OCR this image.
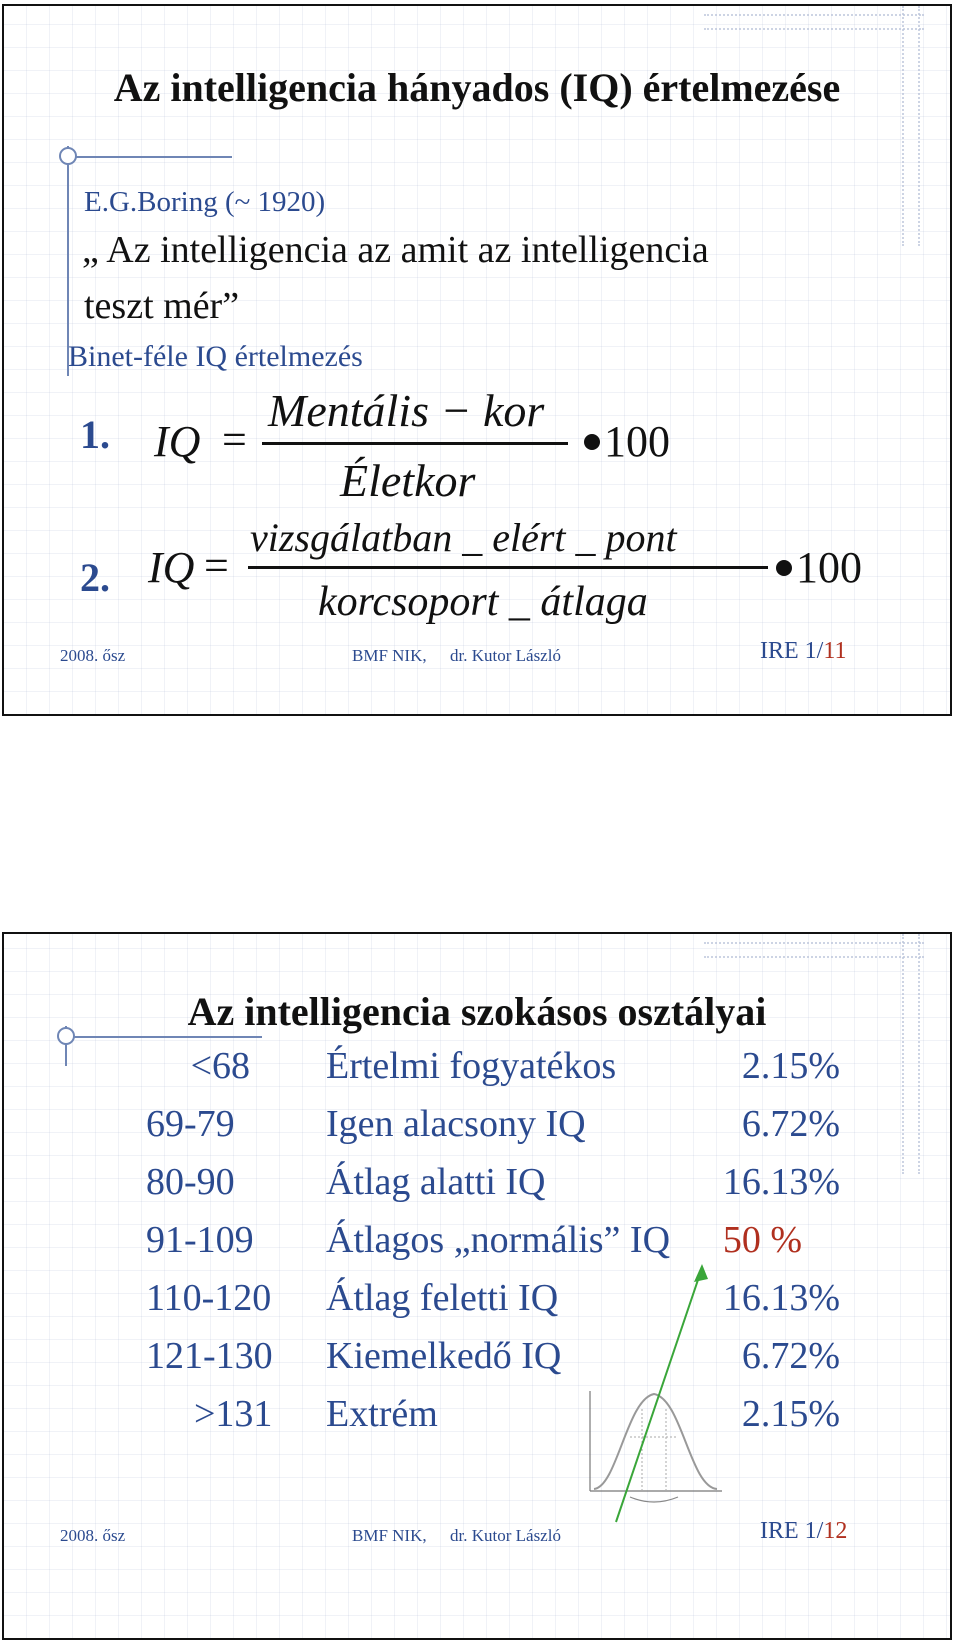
Az intelligencia hányados (IQ) értelmezése
E.G.Boring (~ 1920)
„ Az intelligencia az amit az intelligencia
teszt mér”
Binet-féle IQ értelmezés
1. IQ =
Mentális − kor
Életkor
100
2. IQ =
vizsgálatban _ elért _ pont
korcsoport _ átlaga
100
2008. ősz	BMF NIK, dr. Kutor László	IRE 1/11
Az intelligencia szokásos osztályai
<68 Értelmi fogyatékos	2.15%
69-79 Igen alacsony IQ	6.72%
80-90 Átlag alatti IQ	16.13%
91-109 Átlagos „normális” IQ 50 %
110-120 Átlag feletti IQ	16.13%
121-130 Kiemelkedő IQ	6.72%
>131 Extrém	2.15%
2008. ősz	BMF NIK, dr. Kutor László	IRE 1/12
